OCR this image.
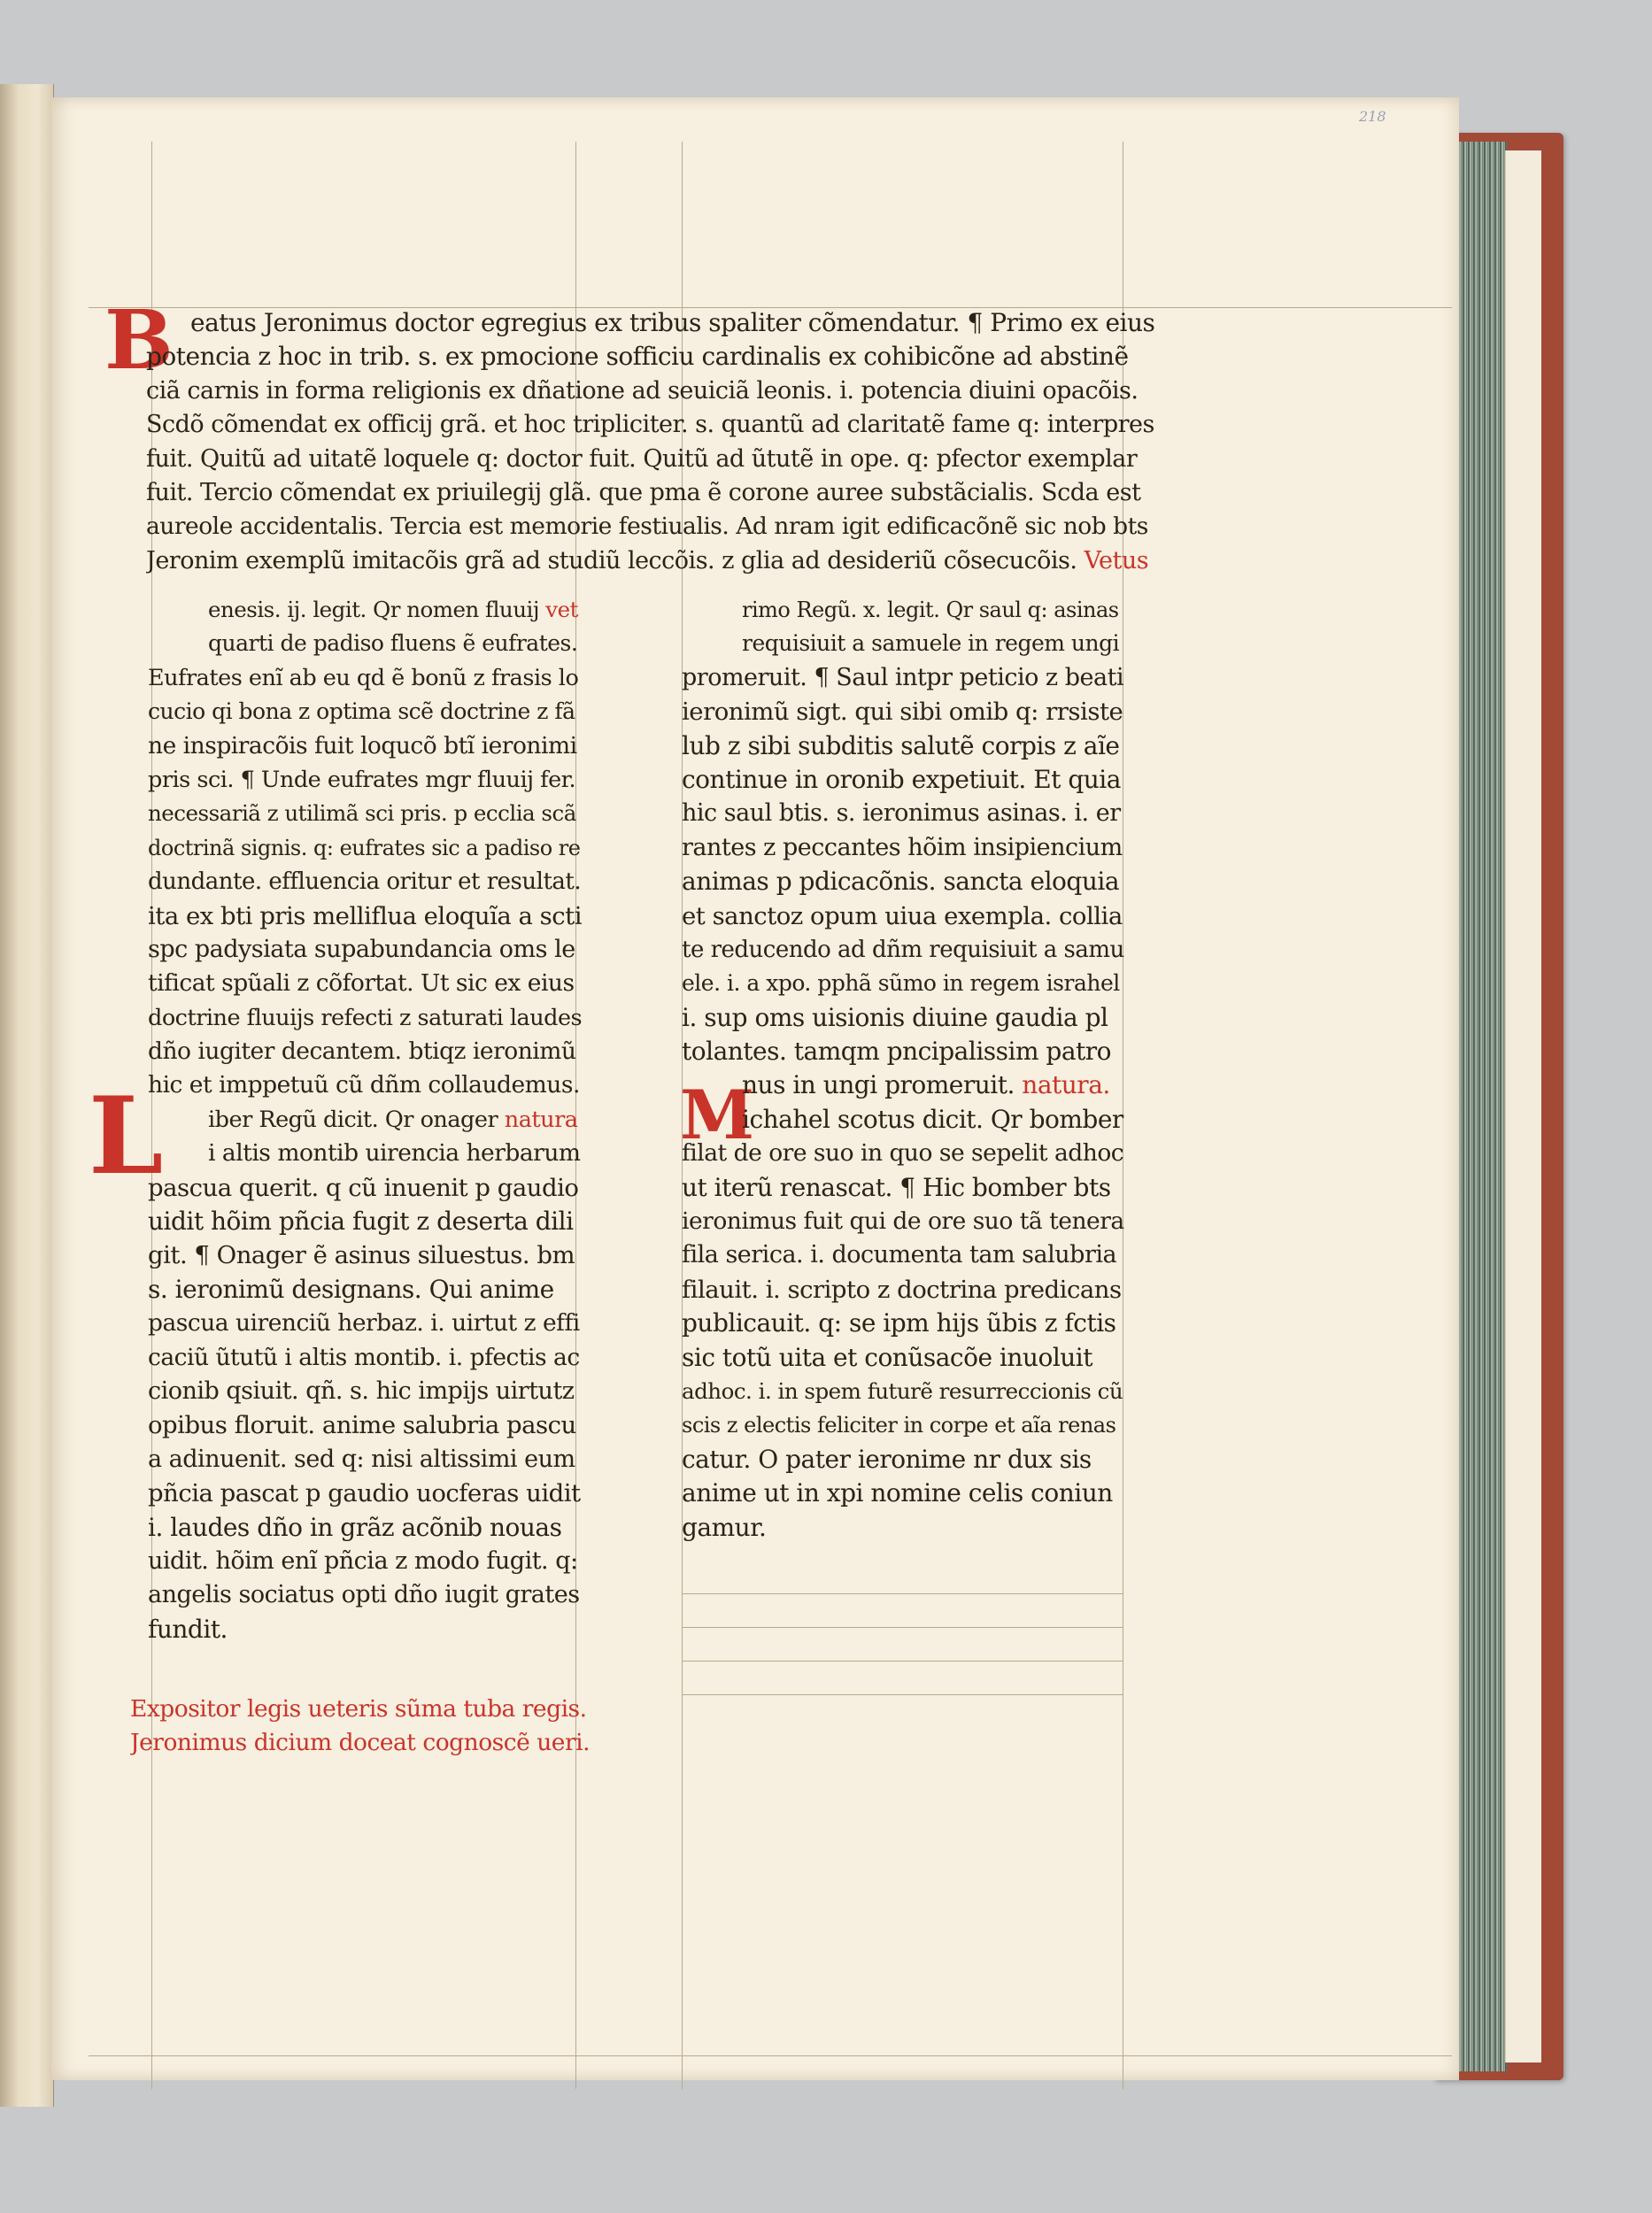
218
B
L	M
eatus Jeronimus doctor egregius ex tribus spaliter cõmendatur. ¶ Primo ex eius
potencia z hoc in trib. s. ex pmocione sofficiu cardinalis ex cohibicõne ad abstinẽ
ciã carnis in forma religionis ex dñatione ad seuiciã leonis. i. potencia diuini opacõis.
Scdõ cõmendat ex officij grã. et hoc tripliciter. s. quantũ ad claritatẽ fame q: interpres
fuit. Quitũ ad uitatẽ loquele q: doctor fuit. Quitũ ad ũtutẽ in ope. q: pfector exemplar
fuit. Tercio cõmendat ex priuilegij glã. que pma ẽ corone auree substãcialis. Scda est
aureole accidentalis. Tercia est memorie festiualis. Ad nram igit edificacõnẽ sic nob bts
Jeronim exemplũ imitacõis grã ad studiũ leccõis. z glia ad desideriũ cõsecucõis. Vetus
enesis. ij. legit. Qr nomen fluuij vet
quarti de padiso fluens ẽ eufrates.
Eufrates enĩ ab eu qd ẽ bonũ z frasis lo
cucio qi bona z optima scẽ doctrine z fã
ne inspiracõis fuit loqucõ btĩ ieronimi
pris sci. ¶ Unde eufrates mgr fluuij fer.
necessariã z utilimã sci pris. p ecclia scã
doctrinã signis. q: eufrates sic a padiso re
dundante. effluencia oritur et resultat.
ita ex bti pris melliflua eloquĩa a scti
spc padysiata supabundancia oms le
tificat spũali z cõfortat. Ut sic ex eius
doctrine fluuijs refecti z saturati laudes
dño iugiter decantem. btiqz ieronimũ
hic et imppetuũ cũ dñm collaudemus.
iber Regũ dicit. Qr onager natura
i altis montib uirencia herbarum
pascua querit. q cũ inuenit p gaudio
uidit hõim pñcia fugit z deserta dili
git. ¶ Onager ẽ asinus siluestus. bm
s. ieronimũ designans. Qui anime
pascua uirenciũ herbaz. i. uirtut z effi
caciũ ũtutũ i altis montib. i. pfectis ac
cionib qsiuit. qñ. s. hic impijs uirtutz
opibus floruit. anime salubria pascu
a adinuenit. sed q: nisi altissimi eum
pñcia pascat p gaudio uocferas uidit
i. laudes dño in grãz acõnib nouas
uidit. hõim enĩ pñcia z modo fugit. q:
angelis sociatus opti dño iugit grates
fundit.
rimo Regũ. x. legit. Qr saul q: asinas
requisiuit a samuele in regem ungi
promeruit. ¶ Saul intpr peticio z beati
ieronimũ sigt. qui sibi omib q: rrsiste
lub z sibi subditis salutẽ corpis z aĩe
continue in oronib expetiuit. Et quia
hic saul btis. s. ieronimus asinas. i. er
rantes z peccantes hõim insipiencium
animas p pdicacõnis. sancta eloquia
et sanctoz opum uiua exempla. collia
te reducendo ad dñm requisiuit a samu
ele. i. a xpo. pphã sũmo in regem israhel
i. sup oms uisionis diuine gaudia pl
tolantes. tamqm pncipalissim patro
nus in ungi promeruit. natura.
ichahel scotus dicit. Qr bomber
filat de ore suo in quo se sepelit adhoc
ut iterũ renascat. ¶ Hic bomber bts
ieronimus fuit qui de ore suo tã tenera
fila serica. i. documenta tam salubria
filauit. i. scripto z doctrina predicans
publicauit. q: se ipm hijs ũbis z fctis
sic totũ uita et conũsacõe inuoluit
adhoc. i. in spem futurẽ resurreccionis cũ
scis z electis feliciter in corpe et aĩa renas
catur. O pater ieronime nr dux sis
anime ut in xpi nomine celis coniun
gamur.
Expositor legis ueteris sũma tuba regis.
Jeronimus dicium doceat cognoscẽ ueri.
